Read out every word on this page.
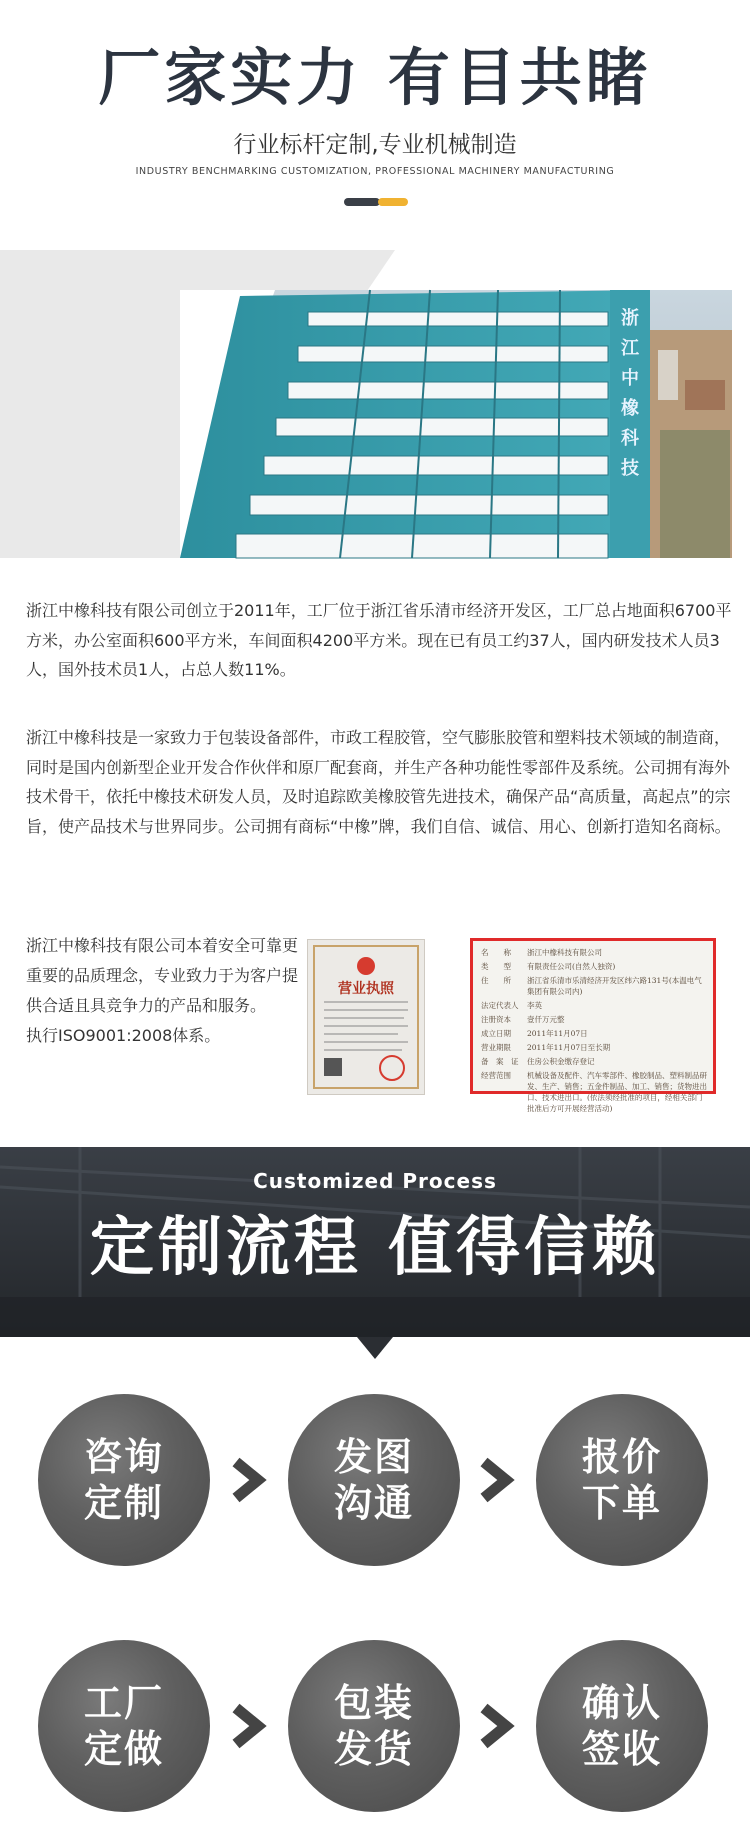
厂家实力 有目共睹
行业标杆定制,专业机械制造
INDUSTRY BENCHMARKING CUSTOMIZATION, PROFESSIONAL MACHINERY MANUFACTURING
浙江中橡科技

浙江中橡科技有限公司创立于2011年，工厂位于浙江省乐清市经济开发区，工厂总占地面积6700平方米，办公室面积600平方米，车间面积4200平方米。现在已有员工约37人，国内研发技术人员3人，国外技术员1人，占总人数11%。

浙江中橡科技是一家致力于包装设备部件，市政工程胶管，空气膨胀胶管和塑料技术领域的制造商，同时是国内创新型企业开发合作伙伴和原厂配套商，并生产各种功能性零部件及系统。公司拥有海外技术骨干，依托中橡技术研发人员，及时追踪欧美橡胶管先进技术，确保产品“高质量，高起点”的宗旨，使产品技术与世界同步。公司拥有商标“中橡”牌，我们自信、诚信、用心、创新打造知名商标。

浙江中橡科技有限公司本着安全可靠更重要的品质理念，专业致力于为客户提供合适且具竞争力的产品和服务。
执行ISO9001:2008体系。
营业执照
名　　称	浙江中橡科技有限公司
类　　型	有限责任公司(自然人独资)
住　　所	浙江省乐清市乐清经济开发区纬六路131号(本温电气集团有限公司内)
法定代表人	李英
注册资本	壹仟万元整
成立日期	2011年11月07日
营业期限	2011年11月07日至长期
备　案　证	住房公积金缴存登记
经营范围	机械设备及配件、汽车零部件、橡胶制品、塑料制品研发、生产、销售；五金件制品、加工、销售；货物进出口、技术进出口。(依法须经批准的项目，经相关部门批准后方可开展经营活动)
Customized Process
定制流程 值得信赖
咨询
定制
发图
沟通
报价
下单
工厂
定做
包装
发货
确认
签收
